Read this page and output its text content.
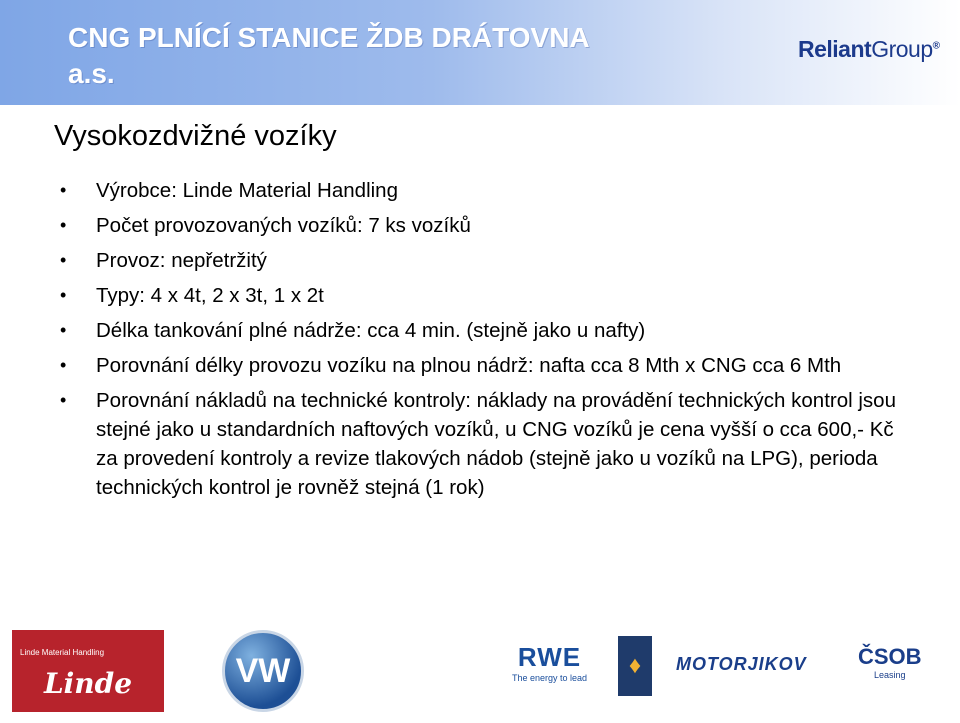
CNG PLNÍCÍ STANICE ŽDB DRÁTOVNA a.s.
ReliantGroup®
Vysokozdvižné vozíky
• Výrobce: Linde Material Handling
• Počet provozovaných vozíků: 7 ks vozíků
• Provoz: nepřetržitý
• Typy: 4 x 4t, 2 x 3t, 1 x 2t
• Délka tankování plné nádrže: cca 4 min. (stejně jako u nafty)
• Porovnání délky provozu vozíku na plnou nádrž: nafta cca 8 Mth x CNG cca 6 Mth
• Porovnání nákladů na technické kontroly: náklady na provádění technických kontrol jsou stejné jako u standardních naftových vozíků, u CNG vozíků je cena vyšší o cca 600,- Kč za provedení kontroly a revize tlakových nádob (stejně jako u vozíků na LPG), perioda technických kontrol je rovněž stejná (1 rok)
Linde Material Handling
Linde	VW	RWE
The energy to lead	♦	MOTORJIKOV ČSOB
Leasing
